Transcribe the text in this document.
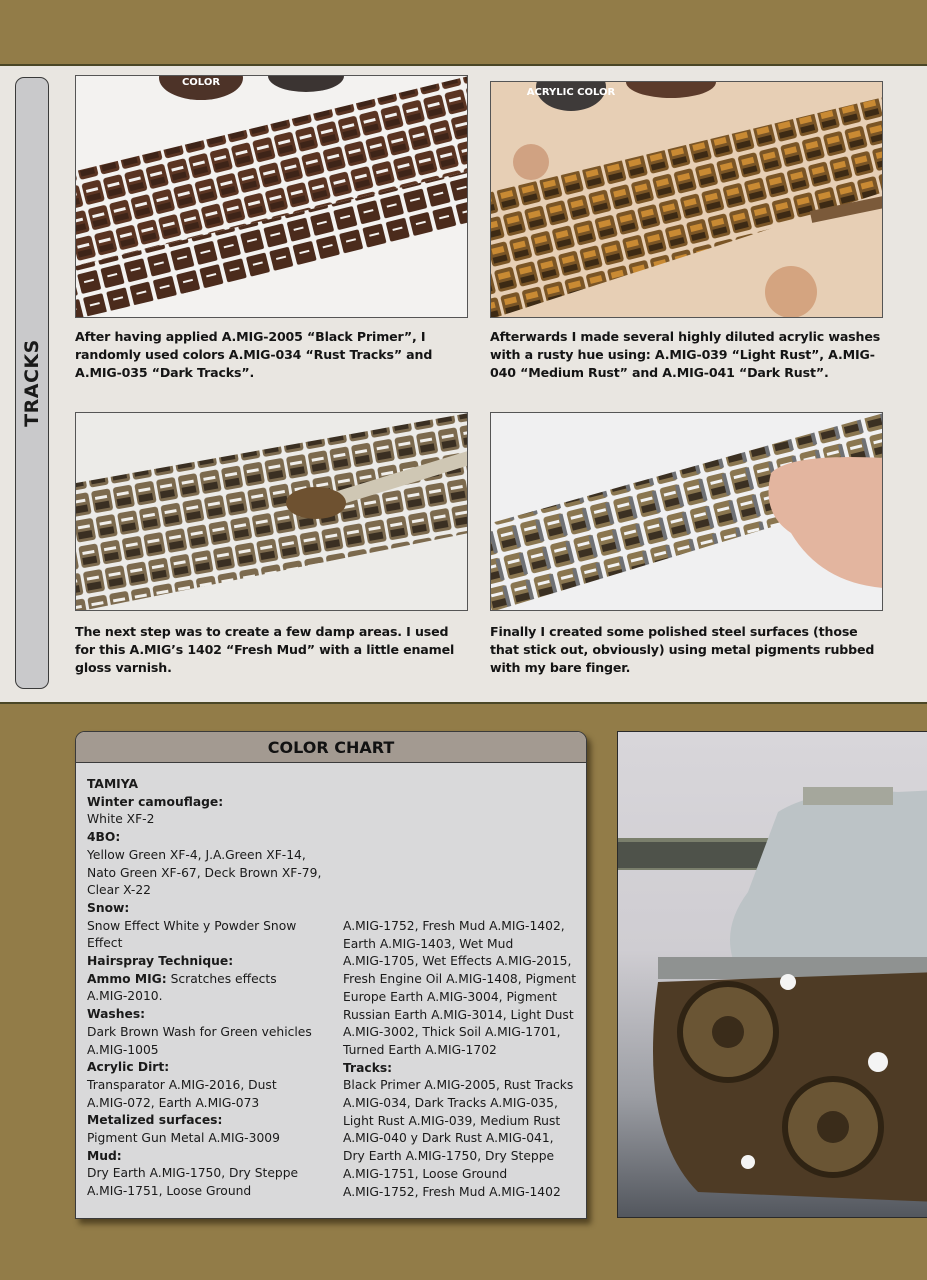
TRACKS
COLOR
After having applied A.MIG-2005 “Black Primer”, I randomly used colors A.MIG-034 “Rust Tracks” and A.MIG-035 “Dark Tracks”.
ACRYLIC COLOR
Afterwards I made several highly diluted acrylic washes with a rusty hue using: A.MIG-039 “Light Rust”, A.MIG-040 “Medium Rust” and A.MIG-041 “Dark Rust”.
The next step was to create a few damp areas. I used for this A.MIG’s 1402 “Fresh Mud” with a little enamel gloss varnish.
Finally I created some polished steel surfaces (those that stick out, obviously) using metal pigments rubbed with my bare finger.
COLOR CHART
TAMIYA
Winter camouflage:
White XF-2
4BO:
Yellow Green XF-4, J.A.Green XF-14,
Nato Green XF-67, Deck Brown XF-79,
Clear X-22
Snow:
Snow Effect White y Powder Snow
Effect
Hairspray Technique:
Ammo MIG: Scratches effects
A.MIG-2010.
Washes:
Dark Brown Wash for Green vehicles
A.MIG-1005
Acrylic Dirt:
Transparator A.MIG-2016, Dust
A.MIG-072, Earth A.MIG-073
Metalized surfaces:
Pigment Gun Metal A.MIG-3009
Mud:
Dry Earth A.MIG-1750, Dry Steppe
A.MIG-1751, Loose Ground
A.MIG-1752, Fresh Mud A.MIG-1402,
Earth A.MIG-1403, Wet Mud
A.MIG-1705, Wet Effects A.MIG-2015,
Fresh Engine Oil A.MIG-1408, Pigment
Europe Earth A.MIG-3004, Pigment
Russian Earth A.MIG-3014, Light Dust
A.MIG-3002, Thick Soil A.MIG-1701,
Turned Earth A.MIG-1702
Tracks:
Black Primer A.MIG-2005, Rust Tracks
A.MIG-034, Dark Tracks A.MIG-035,
Light Rust A.MIG-039, Medium Rust
A.MIG-040 y Dark Rust A.MIG-041,
Dry Earth A.MIG-1750, Dry Steppe
A.MIG-1751, Loose Ground
A.MIG-1752, Fresh Mud A.MIG-1402
